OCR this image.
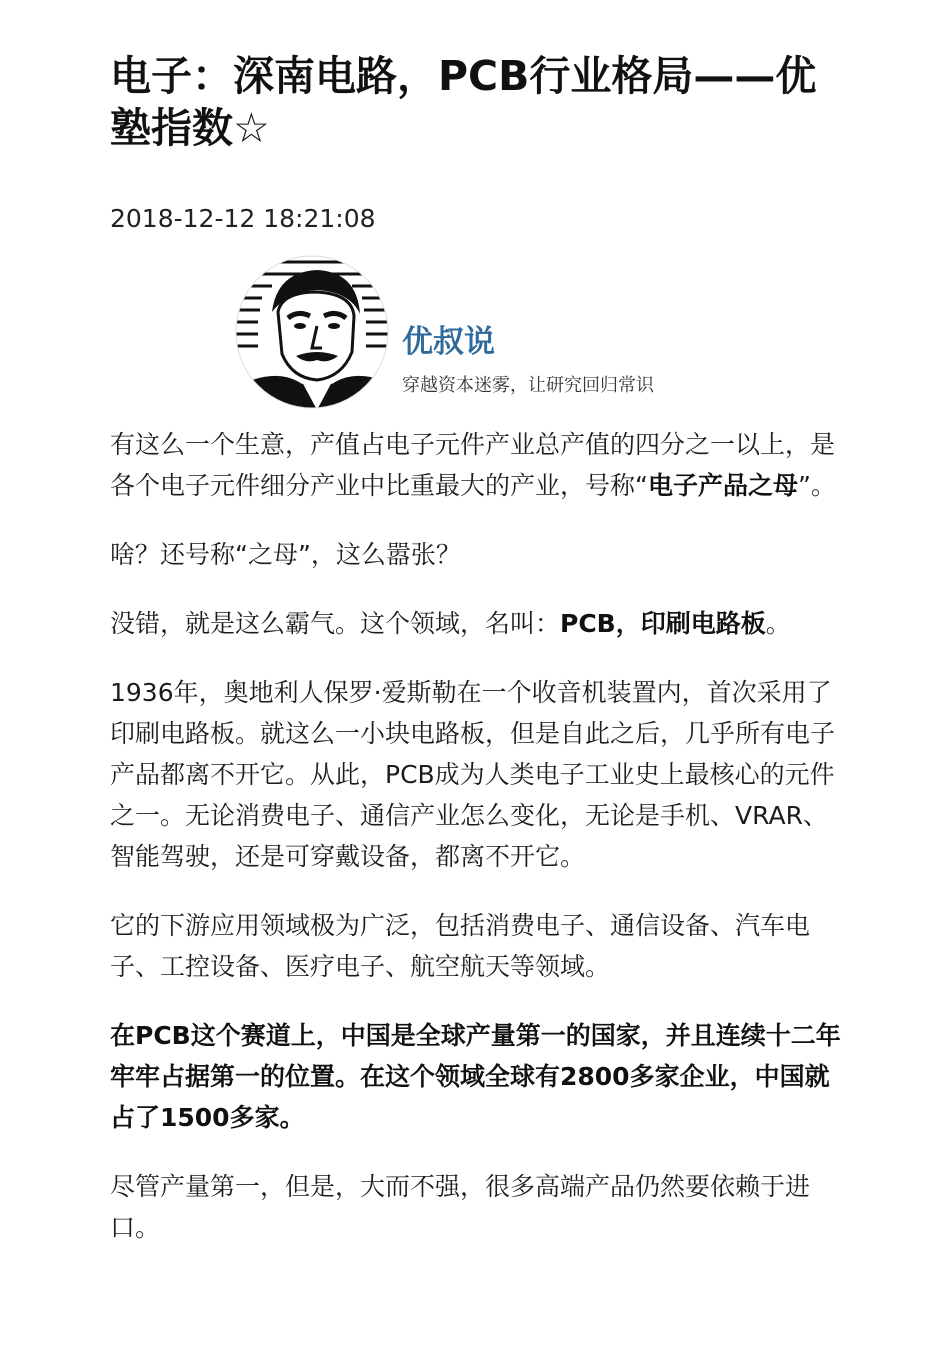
电子：深南电路，PCB行业格局——优塾指数☆
2018-12-12 18:21:08
优叔说
穿越资本迷雾，让研究回归常识

有这么一个生意，产值占电子元件产业总产值的四分之一以上，是各个电子元件细分产业中比重最大的产业，号称“电子产品之母”。

啥？还号称“之母”，这么嚣张？

没错，就是这么霸气。这个领域，名叫：PCB，印刷电路板。

1936年，奥地利人保罗·爱斯勒在一个收音机装置内，首次采用了印刷电路板。就这么一小块电路板，但是自此之后，几乎所有电子产品都离不开它。从此，PCB成为人类电子工业史上最核心的元件之一。无论消费电子、通信产业怎么变化，无论是手机、VRAR、智能驾驶，还是可穿戴设备，都离不开它。

它的下游应用领域极为广泛，包括消费电子、通信设备、汽车电子、工控设备、医疗电子、航空航天等领域。

在PCB这个赛道上，中国是全球产量第一的国家，并且连续十二年牢牢占据第一的位置。在这个领域全球有2800多家企业，中国就占了1500多家。

尽管产量第一，但是，大而不强，很多高端产品仍然要依赖于进口。
